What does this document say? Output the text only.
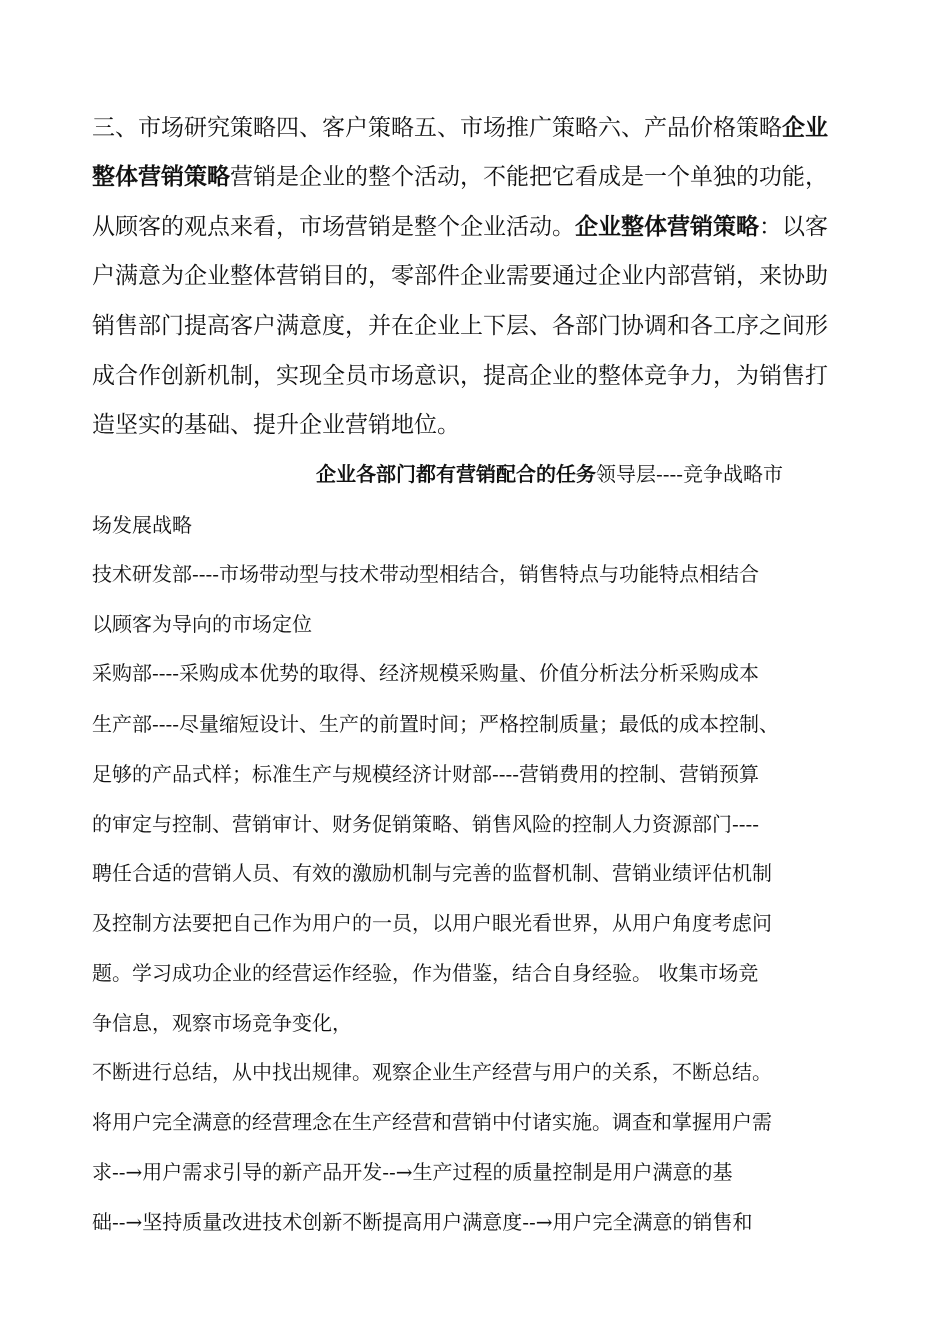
三、市场研究策略四、客户策略五、市场推广策略六、产品价格策略企业
整体营销策略营销是企业的整个活动，不能把它看成是一个单独的功能，
从顾客的观点来看，市场营销是整个企业活动。企业整体营销策略：以客
户满意为企业整体营销目的，零部件企业需要通过企业内部营销，来协助
销售部门提高客户满意度，并在企业上下层、各部门协调和各工序之间形
成合作创新机制，实现全员市场意识，提高企业的整体竞争力，为销售打
造坚实的基础、提升企业营销地位。
企业各部门都有营销配合的任务领导层----竞争战略市
场发展战略
技术研发部----市场带动型与技术带动型相结合，销售特点与功能特点相结合
以顾客为导向的市场定位
采购部----采购成本优势的取得、经济规模采购量、价值分析法分析采购成本
生产部----尽量缩短设计、生产的前置时间；严格控制质量；最低的成本控制、
足够的产品式样；标准生产与规模经济计财部----营销费用的控制、营销预算
的审定与控制、营销审计、财务促销策略、销售风险的控制人力资源部门----
聘任合适的营销人员、有效的激励机制与完善的监督机制、营销业绩评估机制
及控制方法要把自己作为用户的一员，以用户眼光看世界，从用户角度考虑问
题。学习成功企业的经营运作经验，作为借鉴，结合自身经验。 收集市场竞
争信息，观察市场竞争变化，
不断进行总结，从中找出规律。观察企业生产经营与用户的关系，不断总结。
将用户完全满意的经营理念在生产经营和营销中付诸实施。调查和掌握用户需
求--→用户需求引导的新产品开发--→生产过程的质量控制是用户满意的基
础--→坚持质量改进技术创新不断提高用户满意度--→用户完全满意的销售和
